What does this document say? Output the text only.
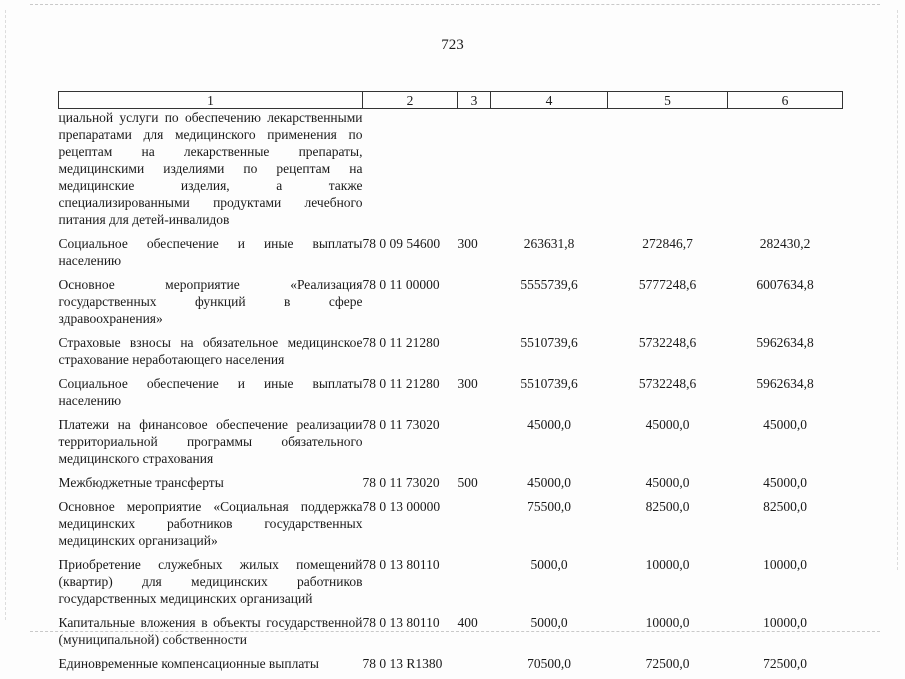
723
1	2	3	4	5	6
циальной услуги по обеспечению лекарственными препаратами для медицинского применения по рецептам на лекарственные препараты, медицинскими изделиями по рецептам на медицинские изделия, а также специализированными продуктами лечебного питания для детей-инвалидов					
Социальное обеспечение и иные выплаты населению	78 0 09 54600	300	263631,8	272846,7	282430,2
Основное мероприятие «Реализация государственных функций в сфере здравоохранения»	78 0 11 00000		5555739,6	5777248,6	6007634,8
Страховые взносы на обязательное медицинское страхование неработающего населения	78 0 11 21280		5510739,6	5732248,6	5962634,8
Социальное обеспечение и иные выплаты населению	78 0 11 21280	300	5510739,6	5732248,6	5962634,8
Платежи на финансовое обеспечение реализации территориальной программы обязательного медицинского страхования	78 0 11 73020		45000,0	45000,0	45000,0
Межбюджетные трансферты	78 0 11 73020	500	45000,0	45000,0	45000,0
Основное мероприятие «Социальная поддержка медицинских работников государственных медицинских организаций»	78 0 13 00000		75500,0	82500,0	82500,0
Приобретение служебных жилых помещений (квартир) для медицинских работников государственных медицинских организаций	78 0 13 80110		5000,0	10000,0	10000,0
Капитальные вложения в объекты государственной (муниципальной) собственности	78 0 13 80110	400	5000,0	10000,0	10000,0
Единовременные компенсационные выплаты	78 0 13 R1380		70500,0	72500,0	72500,0
